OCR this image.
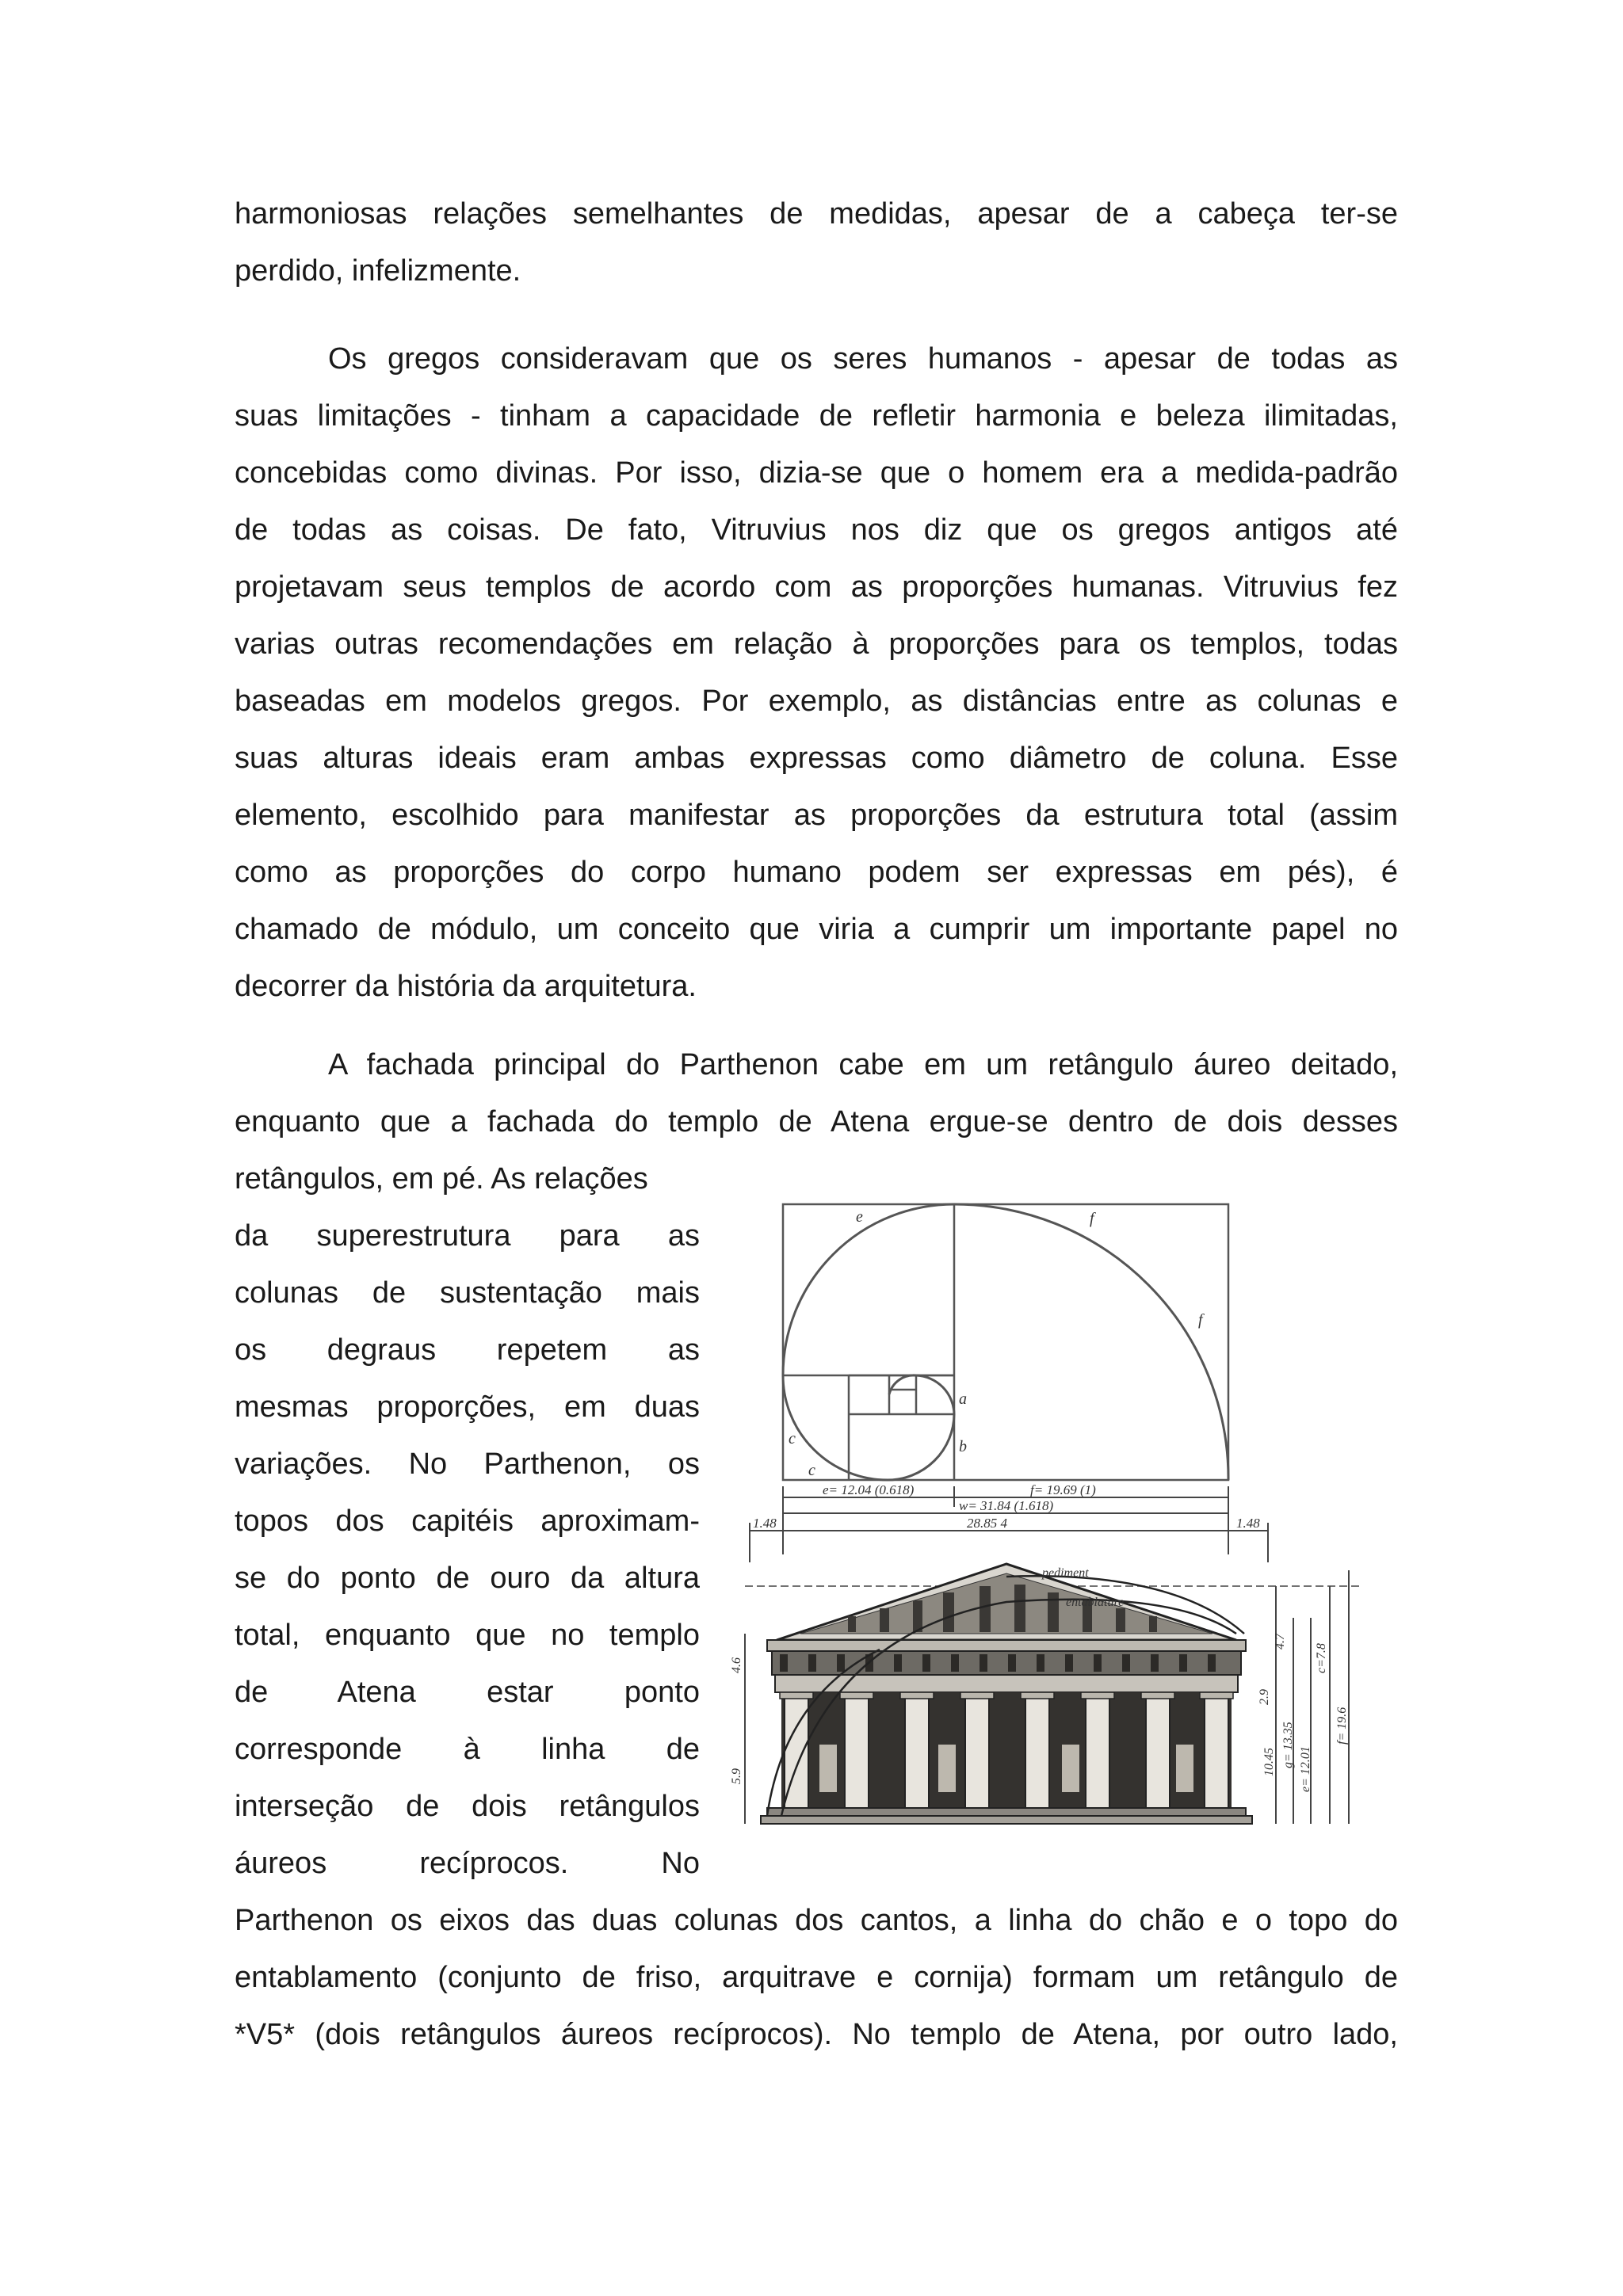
harmoniosas relações semelhantes de medidas, apesar de a cabeça ter-se
perdido, infelizmente.
Os gregos consideravam que os seres humanos - apesar de todas as
suas limitações - tinham a capacidade de refletir harmonia e beleza ilimitadas,
concebidas como divinas. Por isso, dizia-se que o homem era a medida-padrão
de todas as coisas. De fato, Vitruvius nos diz que os gregos antigos até
projetavam seus templos de acordo com as proporções humanas. Vitruvius fez
varias outras recomendações em relação à proporções para os templos, todas
baseadas em modelos gregos. Por exemplo, as distâncias entre as colunas e
suas alturas ideais eram ambas expressas como diâmetro de coluna. Esse
elemento, escolhido para manifestar as proporções da estrutura total (assim
como as proporções do corpo humano podem ser expressas em pés), é
chamado de módulo, um conceito que viria a cumprir um importante papel no
decorrer da história da arquitetura.
A fachada principal do Parthenon cabe em um retângulo áureo deitado,
enquanto que a fachada do templo de Atena ergue-se dentro de dois desses
retângulos, em pé. As relações
da superestrutura para as
colunas de sustentação mais
os degraus repetem as
mesmas proporções, em duas
variações. No Parthenon, os
topos dos capitéis aproximam-
se do ponto de ouro da altura
total, enquanto que no templo
de Atena estar ponto
corresponde à linha de
interseção de dois retângulos
áureos recíprocos. No
Parthenon os eixos das duas colunas dos cantos, a linha do chão e o topo do
entablamento (conjunto de friso, arquitrave e cornija) formam um retângulo de
*V5* (dois retângulos áureos recíprocos). No templo de Atena, por outro lado,
e	f
f
a
b
c
c
e= 12.04 (0.618)	f= 19.69 (1)
w= 31.84 (1.618)
1.48	28.85 4	1.48
pediment
entablature
4.6
5.9
2.9
4.7
c=7.8
10.45 g= 13.35
e= 12.01
f= 19.6
